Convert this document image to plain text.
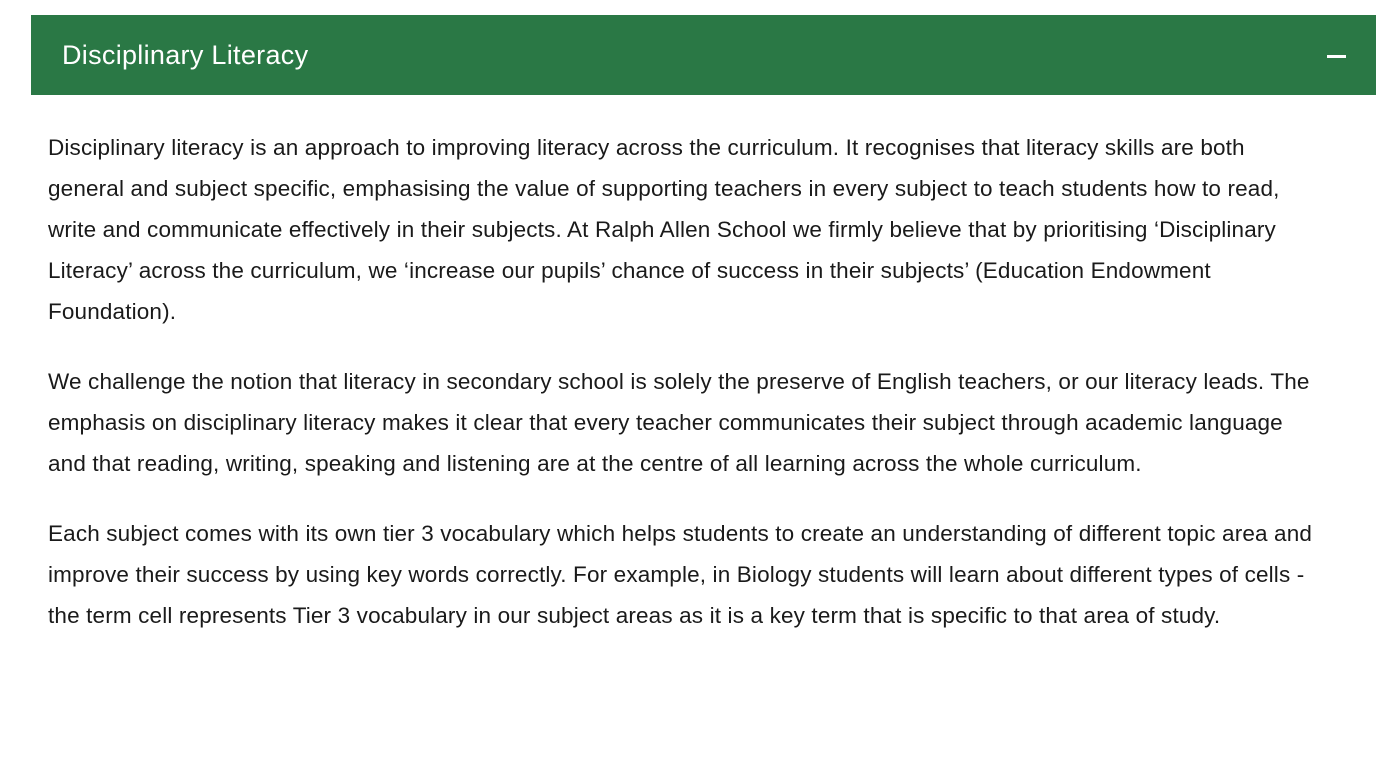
Disciplinary Literacy

Disciplinary literacy is an approach to improving literacy across the curriculum. It recognises that literacy skills are both general and subject specific, emphasising the value of supporting teachers in every subject to teach students how to read, write and communicate effectively in their subjects. At Ralph Allen School we firmly believe that by prioritising ‘Disciplinary Literacy’ across the curriculum, we ‘increase our pupils’ chance of success in their subjects’ (Education Endowment Foundation).

We challenge the notion that literacy in secondary school is solely the preserve of English teachers, or our literacy leads. The emphasis on disciplinary literacy makes it clear that every teacher communicates their subject through academic language and that reading, writing, speaking and listening are at the centre of all learning across the whole curriculum.

Each subject comes with its own tier 3 vocabulary which helps students to create an understanding of different topic area and improve their success by using key words correctly. For example, in Biology students will learn about different types of cells - the term cell represents Tier 3 vocabulary in our subject areas as it is a key term that is specific to that area of study.
